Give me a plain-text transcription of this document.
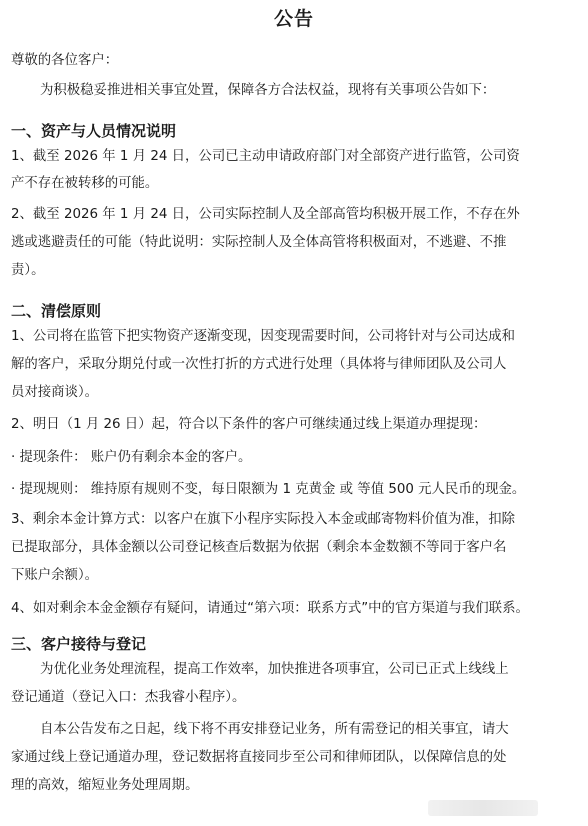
公告
尊敬的各位客户：
为积极稳妥推进相关事宜处置，保障各方合法权益，现将有关事项公告如下：
一、资产与人员情况说明
1、截至 2026 年 1 月 24 日，公司已主动申请政府部门对全部资产进行监管，公司资
产不存在被转移的可能。
2、截至 2026 年 1 月 24 日，公司实际控制人及全部高管均积极开展工作，不存在外
逃或逃避责任的可能（特此说明：实际控制人及全体高管将积极面对，不逃避、不推
责）。
二、清偿原则
1、公司将在监管下把实物资产逐渐变现，因变现需要时间，公司将针对与公司达成和
解的客户，采取分期兑付或一次性打折的方式进行处理（具体将与律师团队及公司人
员对接商谈）。
2、明日（1 月 26 日）起，符合以下条件的客户可继续通过线上渠道办理提现：
· 提现条件： 账户仍有剩余本金的客户。
· 提现规则： 维持原有规则不变，每日限额为 1 克黄金 或 等值 500 元人民币的现金。
3、剩余本金计算方式：以客户在旗下小程序实际投入本金或邮寄物料价值为准，扣除
已提取部分，具体金额以公司登记核查后数据为依据（剩余本金数额不等同于客户名
下账户余额）。
4、如对剩余本金金额存有疑问，请通过“第六项：联系方式”中的官方渠道与我们联系。
三、客户接待与登记
为优化业务处理流程，提高工作效率，加快推进各项事宜，公司已正式上线线上
登记通道（登记入口：杰我睿小程序）。
自本公告发布之日起，线下将不再安排登记业务，所有需登记的相关事宜，请大
家通过线上登记通道办理，登记数据将直接同步至公司和律师团队，以保障信息的处
理的高效，缩短业务处理周期。
